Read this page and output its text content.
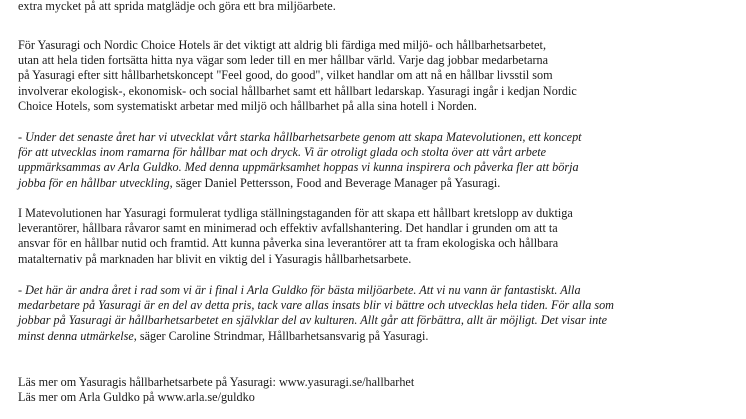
extra mycket på att sprida matglädje och göra ett bra miljöarbete.

För Yasuragi och Nordic Choice Hotels är det viktigt att aldrig bli färdiga med miljö- och hållbarhetsarbetet,
utan att hela tiden fortsätta hitta nya vägar som leder till en mer hållbar värld. Varje dag jobbar medarbetarna
på Yasuragi efter sitt hållbarhetskoncept "Feel good, do good", vilket handlar om att nå en hållbar livsstil som
involverar ekologisk-, ekonomisk- och social hållbarhet samt ett hållbart ledarskap. Yasuragi ingår i kedjan Nordic
Choice Hotels, som systematiskt arbetar med miljö och hållbarhet på alla sina hotell i Norden.

- Under det senaste året har vi utvecklat vårt starka hållbarhetsarbete genom att skapa Matevolutionen, ett koncept
för att utvecklas inom ramarna för hållbar mat och dryck. Vi är otroligt glada och stolta över att vårt arbete
uppmärksammas av Arla Guldko. Med denna uppmärksamhet hoppas vi kunna inspirera och påverka fler att börja
jobba för en hållbar utveckling, säger Daniel Pettersson, Food and Beverage Manager på Yasuragi.

I Matevolutionen har Yasuragi formulerat tydliga ställningstaganden för att skapa ett hållbart kretslopp av duktiga
leverantörer, hållbara råvaror samt en minimerad och effektiv avfallshantering. Det handlar i grunden om att ta
ansvar för en hållbar nutid och framtid. Att kunna påverka sina leverantörer att ta fram ekologiska och hållbara
matalternativ på marknaden har blivit en viktig del i Yasuragis hållbarhetsarbete.

- Det här är andra året i rad som vi är i final i Arla Guldko för bästa miljöarbete. Att vi nu vann är fantastiskt. Alla
medarbetare på Yasuragi är en del av detta pris, tack vare allas insats blir vi bättre och utvecklas hela tiden. För alla som
jobbar på Yasuragi är hållbarhetsarbetet en självklar del av kulturen. Allt går att förbättra, allt är möjligt. Det visar inte
minst denna utmärkelse, säger Caroline Strindmar, Hållbarhetsansvarig på Yasuragi.

Läs mer om Yasuragis hållbarhetsarbete på Yasuragi: www.yasuragi.se/hallbarhet
Läs mer om Arla Guldko på www.arla.se/guldko
